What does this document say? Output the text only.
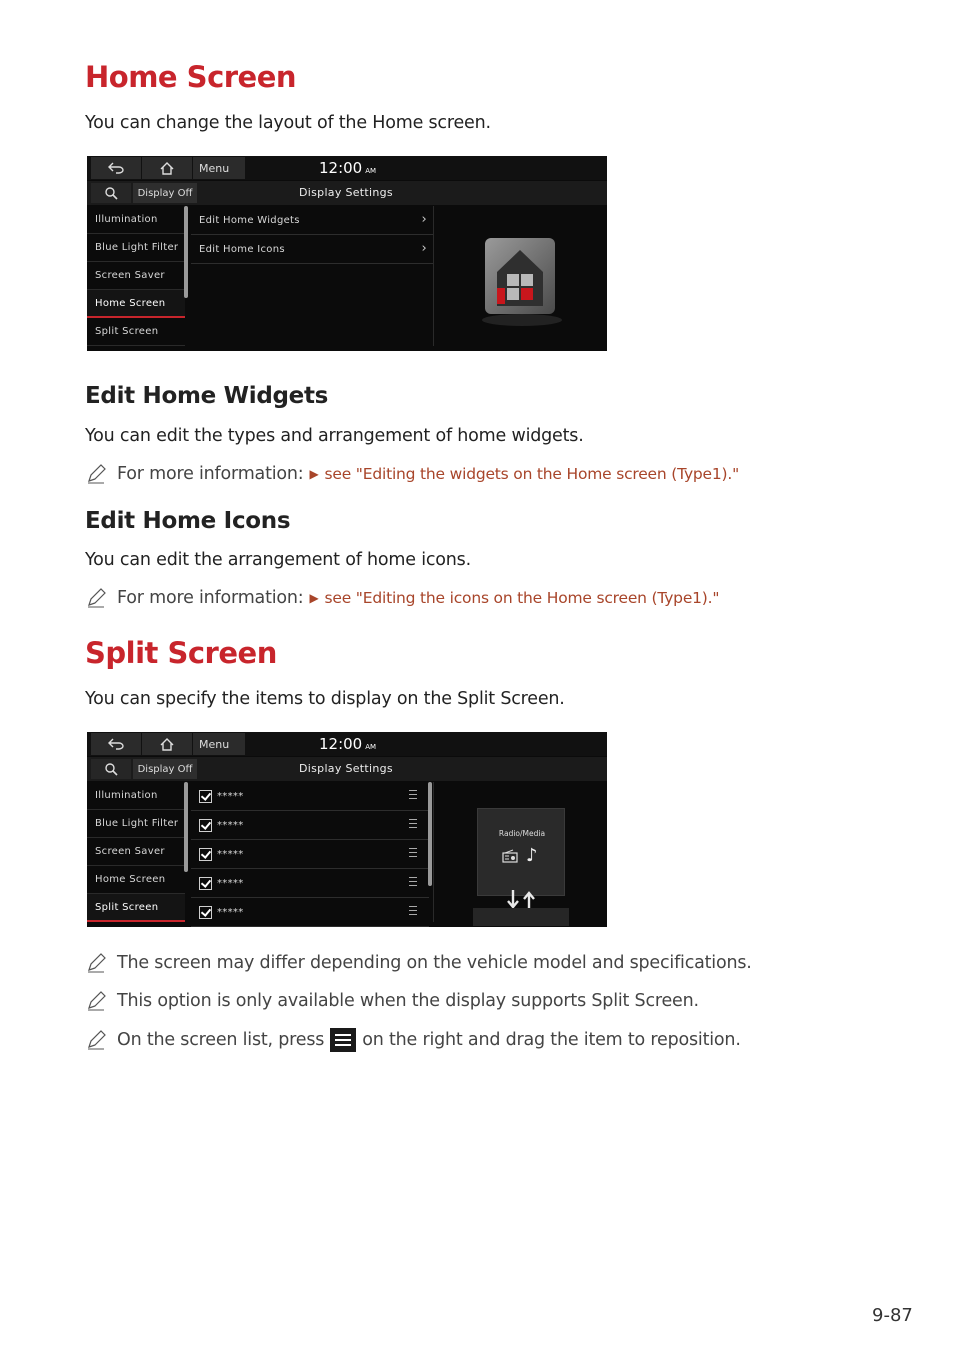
Home Screen
You can change the layout of the Home screen.
Menu	12:00 AM
Display Off	Display Settings
Illumination
Blue Light Filter
Screen Saver
Home Screen
Split Screen
Edit Home Widgets	›
Edit Home Icons	›
Edit Home Widgets
You can edit the types and arrangement of home widgets.
For more information: ▶ see "Editing the widgets on the Home screen (Type1)."
Edit Home Icons
You can edit the arrangement of home icons.
For more information: ▶ see "Editing the icons on the Home screen (Type1)."
Split Screen
You can specify the items to display on the Split Screen.
Menu	12:00 AM
Display Off	Display Settings
Illumination
Blue Light Filter
Screen Saver
Home Screen
Split Screen
*****
*****
*****
*****
*****
Radio/Media
♪
The screen may differ depending on the vehicle model and specifications.
This option is only available when the display supports Split Screen.
On the screen list, press on the right and drag the item to reposition.
9-87
